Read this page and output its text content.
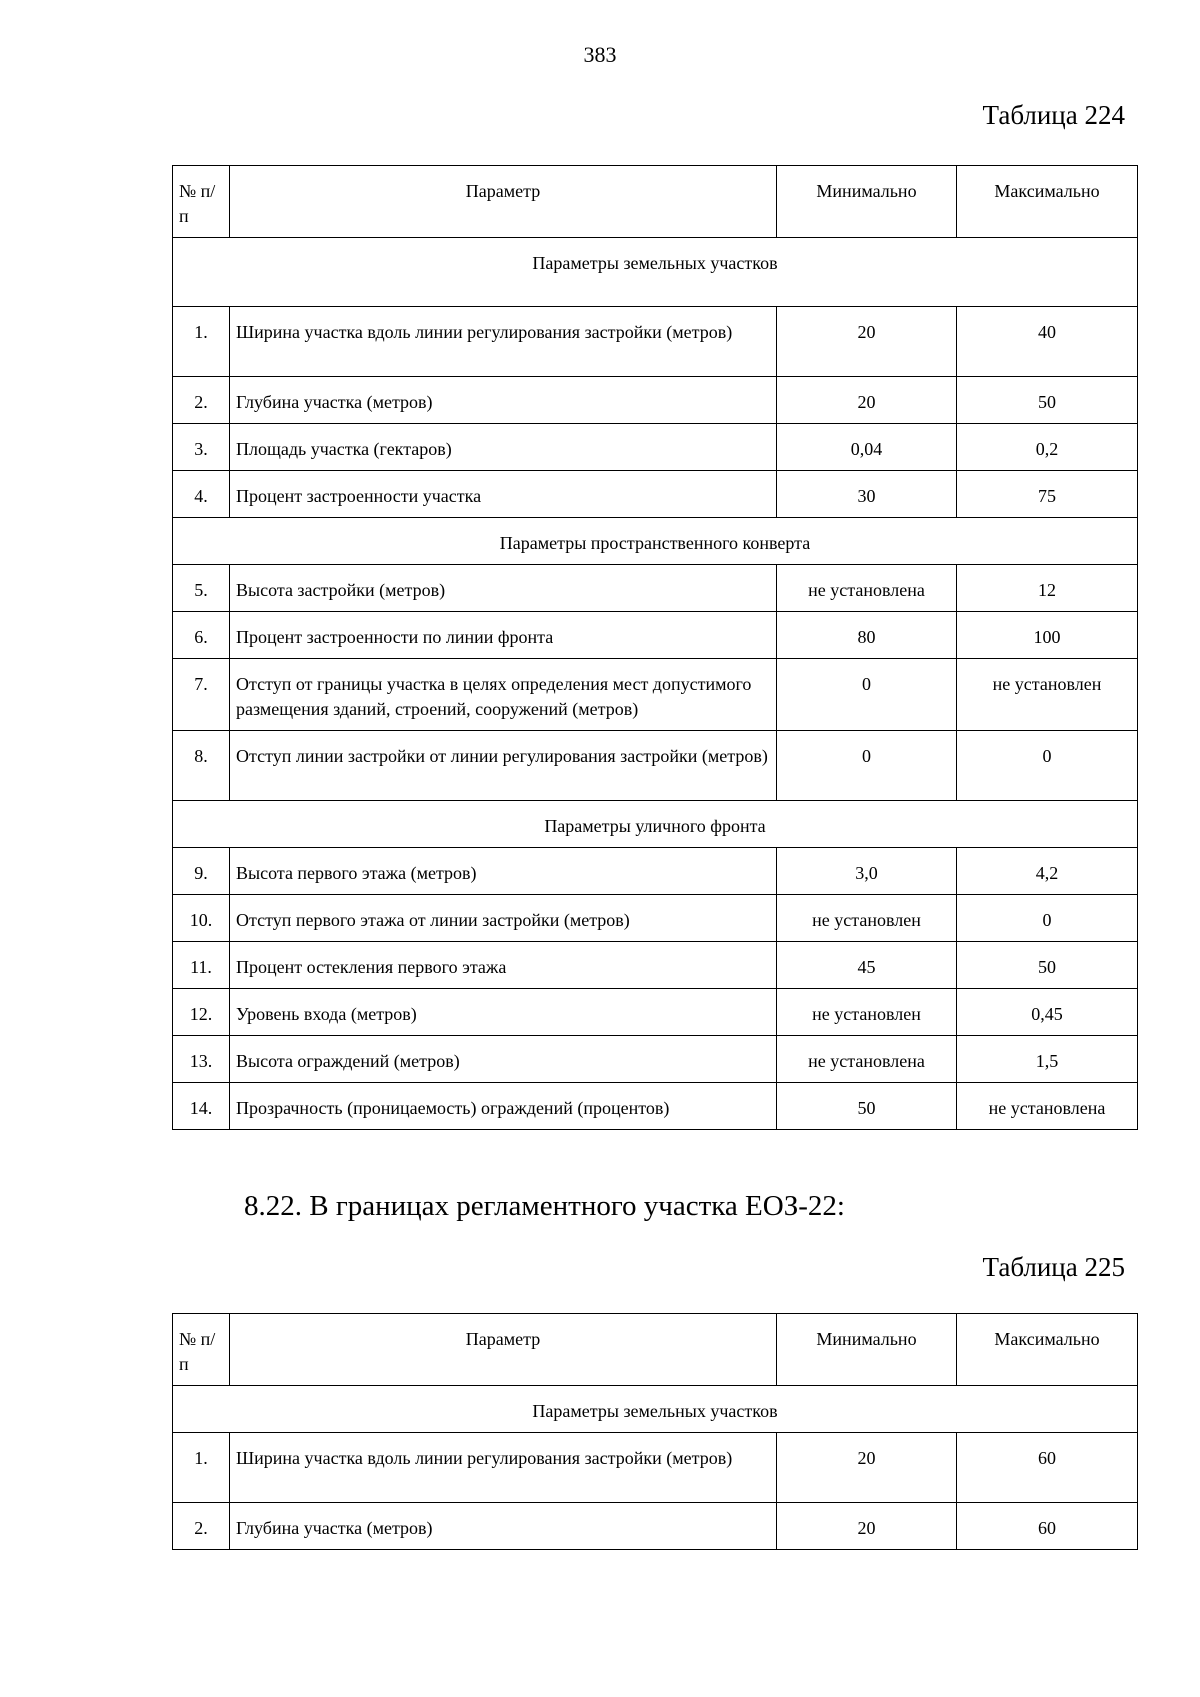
383
Таблица 224
№ п/п	Параметр	Минимально	Максимально
Параметры земельных участков			
1.	Ширина участка вдоль линии регулирования застройки (метров)	20	40
2.	Глубина участка (метров)	20	50
3.	Площадь участка (гектаров)	0,04	0,2
4.	Процент застроенности участка	30	75
Параметры пространственного конверта			
5.	Высота застройки (метров)	не установлена	12
6.	Процент застроенности по линии фронта	80	100
7.	Отступ от границы участка в целях определения мест допустимого размещения зданий, строений, сооружений (метров)	0	не установлен
8.	Отступ линии застройки от линии регулирования застройки (метров)	0	0
Параметры уличного фронта			
9.	Высота первого этажа (метров)	3,0	4,2
10.	Отступ первого этажа от линии застройки (метров)	не установлен	0
11.	Процент остекления первого этажа	45	50
12.	Уровень входа (метров)	не установлен	0,45
13.	Высота ограждений (метров)	не установлена	1,5
14.	Прозрачность (проницаемость) ограждений (процентов)	50	не установлена
8.22. В границах регламентного участка ЕОЗ-22:
Таблица 225
№ п/п	Параметр	Минимально	Максимально
Параметры земельных участков			
1.	Ширина участка вдоль линии регулирования застройки (метров)	20	60
2.	Глубина участка (метров)	20	60
